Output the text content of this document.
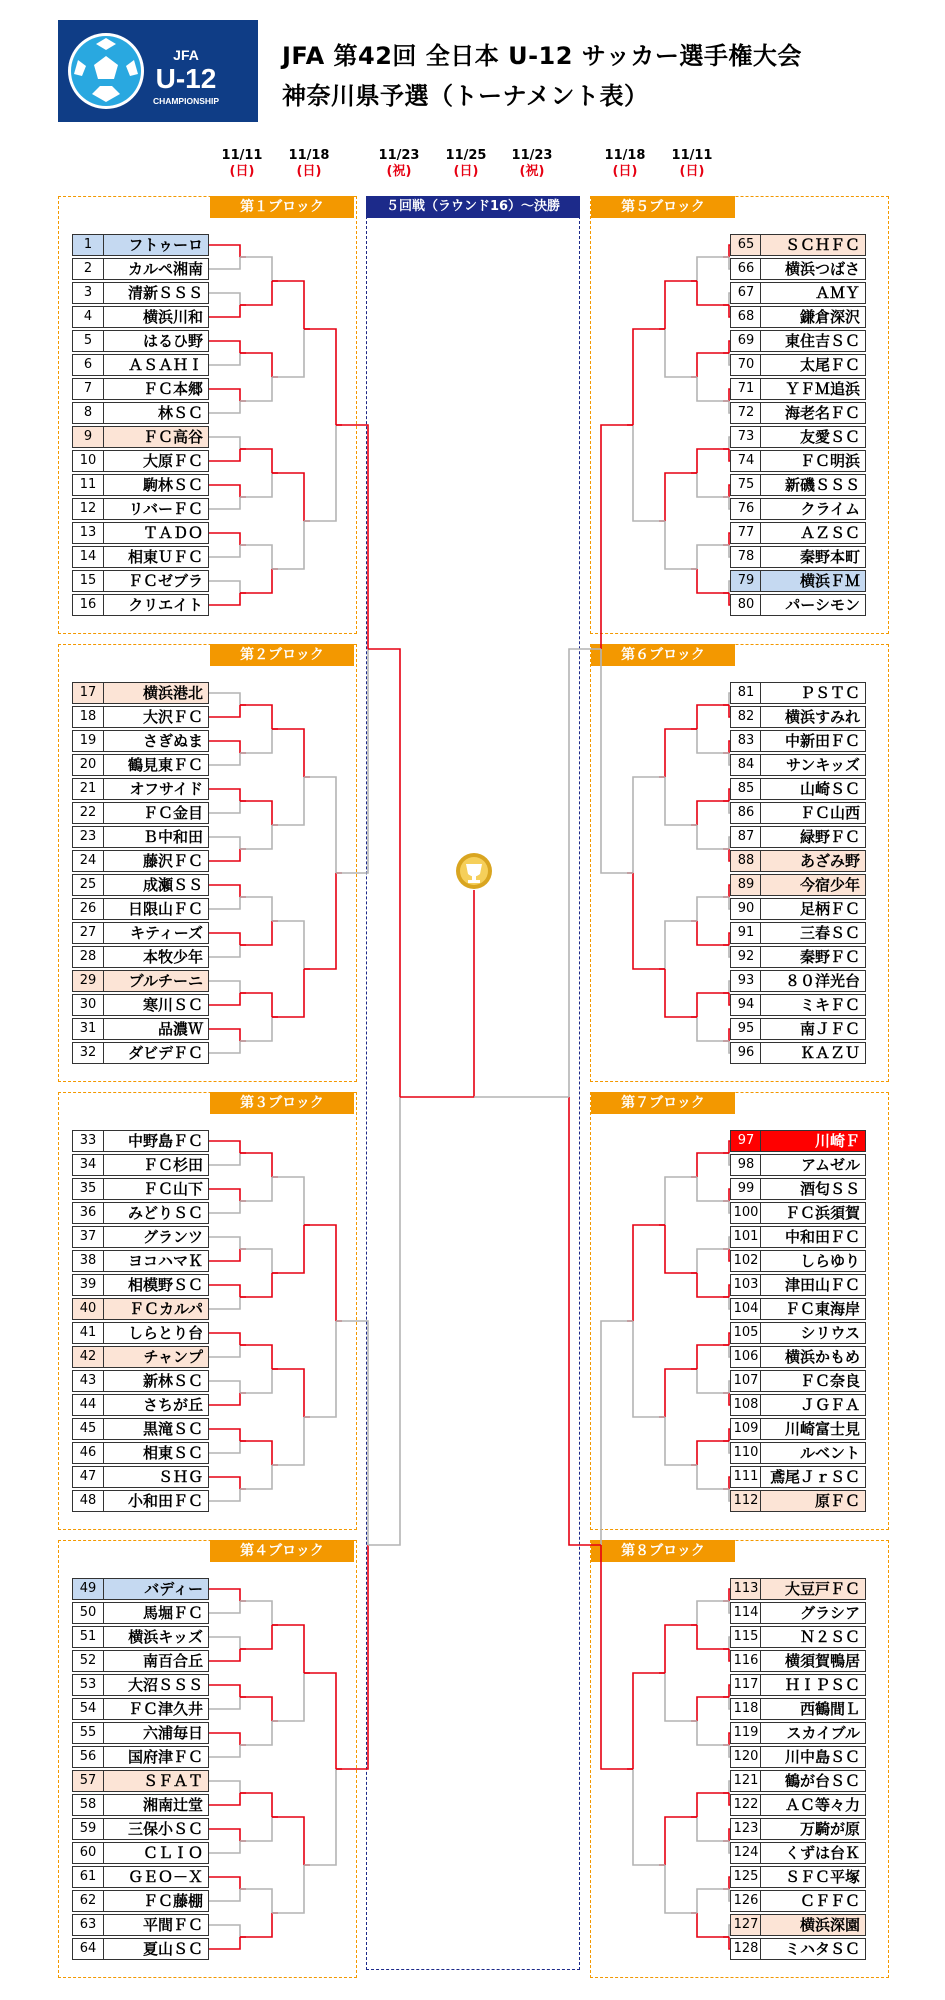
JFA
U-12
CHAMPIONSHIP
JFA 第42回 全日本 U-12 サッカー選手権大会
神奈川県予選（トーナメント表）
11/11
(日)
11/18
(日)
11/23
(祝)
11/25
(日)
11/23
(祝)
11/18
(日)
11/11
(日)
第１ブロック
第２ブロック
第３ブロック
第４ブロック
第５ブロック
第６ブロック
第７ブロック
第８ブロック
５回戦（ラウンド16）〜決勝
1	フトゥーロ
2	カルペ湘南
3	清新ＳＳＳ
4	横浜川和
5	はるひ野
6	ＡＳＡＨＩ
7	ＦＣ本郷
8	林ＳＣ
9	ＦＣ高谷
10	大原ＦＣ
11	駒林ＳＣ
12	リバーＦＣ
13	ＴＡＤＯ
14	相東ＵＦＣ
15	ＦＣゼブラ
16	クリエイト
17	横浜港北
18	大沢ＦＣ
19	さぎぬま
20	鶴見東ＦＣ
21	オフサイド
22	ＦＣ金目
23	Ｂ中和田
24	藤沢ＦＣ
25	成瀬ＳＳ
26	日限山ＦＣ
27	キティーズ
28	本牧少年
29	ブルチーニ
30	寒川ＳＣ
31	品濃Ｗ
32	ダビデＦＣ
33	中野島ＦＣ
34	ＦＣ杉田
35	ＦＣ山下
36	みどりＳＣ
37	グランツ
38	ヨコハマＫ
39	相模野ＳＣ
40	ＦＣカルパ
41	しらとり台
42	チャンプ
43	新林ＳＣ
44	さちが丘
45	黒滝ＳＣ
46	相東ＳＣ
47	ＳＨＧ
48	小和田ＦＣ
49	バディー
50	馬堀ＦＣ
51	横浜キッズ
52	南百合丘
53	大沼ＳＳＳ
54	ＦＣ津久井
55	六浦毎日
56	国府津ＦＣ
57	ＳＦＡＴ
58	湘南辻堂
59	三保小ＳＣ
60	ＣＬＩＯ
61	ＧＥＯ－Ｘ
62	ＦＣ藤棚
63	平間ＦＣ
64	夏山ＳＣ
65	ＳＣＨＦＣ
66	横浜つばさ
67	ＡＭＹ
68	鎌倉深沢
69	東住吉ＳＣ
70	太尾ＦＣ
71	ＹＦＭ追浜
72	海老名ＦＣ
73	友愛ＳＣ
74	ＦＣ明浜
75	新磯ＳＳＳ
76	クライム
77	ＡＺＳＣ
78	秦野本町
79	横浜ＦＭ
80	パーシモン
81	ＰＳＴＣ
82	横浜すみれ
83	中新田ＦＣ
84	サンキッズ
85	山崎ＳＣ
86	ＦＣ山西
87	緑野ＦＣ
88	あざみ野
89	今宿少年
90	足柄ＦＣ
91	三春ＳＣ
92	秦野ＦＣ
93	８０洋光台
94	ミキＦＣ
95	南ＪＦＣ
96	ＫＡＺＵ
97	川崎Ｆ
98	アムゼル
99	酒匂ＳＳ
100	ＦＣ浜須賀
101	中和田ＦＣ
102	しらゆり
103	津田山ＦＣ
104	ＦＣ東海岸
105	シリウス
106	横浜かもめ
107	ＦＣ奈良
108	ＪＧＦＡ
109	川崎富士見
110	ルベント
111 鳶尾ＪｒＳＣ
112	原ＦＣ
113	大豆戸ＦＣ
114	グラシア
115	Ｎ２ＳＣ
116	横須賀鴨居
117	ＨＩＰＳＣ
118	西鶴間Ｌ
119	スカイブル
120	川中島ＳＣ
121	鶴が台ＳＣ
122	ＡＣ等々力
123	万騎が原
124	くずは台Ｋ
125	ＳＦＣ平塚
126	ＣＦＦＣ
127	横浜深園
128	ミハタＳＣ
